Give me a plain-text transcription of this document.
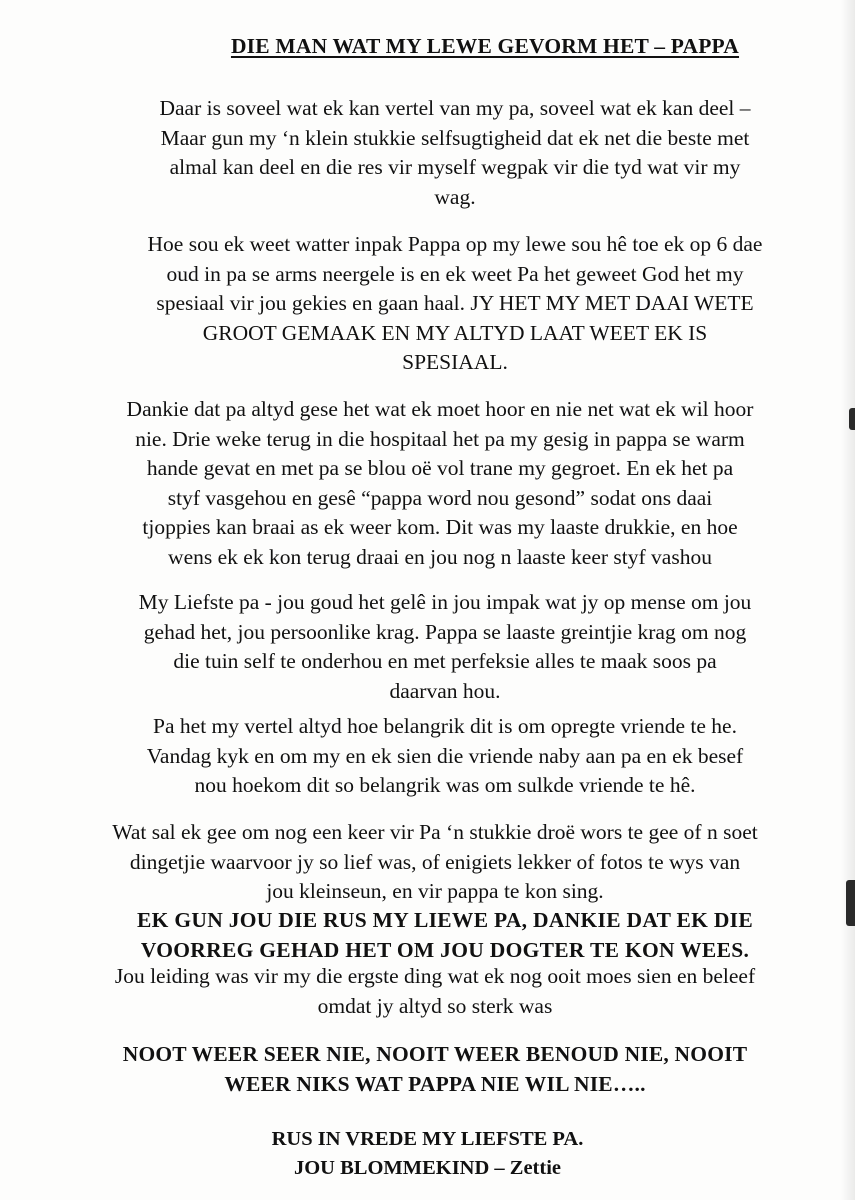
DIE MAN WAT MY LEWE GEVORM HET – PAPPA

Daar is soveel wat ek kan vertel van my pa, soveel wat ek kan deel –
Maar gun my ‘n klein stukkie selfsugtigheid dat ek net die beste met
almal kan deel en die res vir myself wegpak vir die tyd wat vir my
wag.

Hoe sou ek weet watter inpak Pappa op my lewe sou hê toe ek op 6 dae
oud in pa se arms neergele is en ek weet Pa het geweet God het my
spesiaal vir jou gekies en gaan haal. JY HET MY MET DAAI WETE
GROOT GEMAAK EN MY ALTYD LAAT WEET EK IS
SPESIAAL.

Dankie dat pa altyd gese het wat ek moet hoor en nie net wat ek wil hoor
nie. Drie weke terug in die hospitaal het pa my gesig in pappa se warm
hande gevat en met pa se blou oë vol trane my gegroet. En ek het pa
styf vasgehou en gesê “pappa word nou gesond” sodat ons daai
tjoppies kan braai as ek weer kom. Dit was my laaste drukkie, en hoe
wens ek ek kon terug draai en jou nog n laaste keer styf vashou

My Liefste pa - jou goud het gelê in jou impak wat jy op mense om jou
gehad het, jou persoonlike krag. Pappa se laaste greintjie krag om nog
die tuin self te onderhou en met perfeksie alles te maak soos pa
daarvan hou.

Pa het my vertel altyd hoe belangrik dit is om opregte vriende te he.
Vandag kyk en om my en ek sien die vriende naby aan pa en ek besef
nou hoekom dit so belangrik was om sulkde vriende te hê.

Wat sal ek gee om nog een keer vir Pa ‘n stukkie droë wors te gee of n soet
dingetjie waarvoor jy so lief was, of enigiets lekker of fotos te wys van
jou kleinseun, en vir pappa te kon sing.

EK GUN JOU DIE RUS MY LIEWE PA, DANKIE DAT EK DIE
VOORREG GEHAD HET OM JOU DOGTER TE KON WEES.

Jou leiding was vir my die ergste ding wat ek nog ooit moes sien en beleef
omdat jy altyd so sterk was

NOOT WEER SEER NIE, NOOIT WEER BENOUD NIE, NOOIT
WEER NIKS WAT PAPPA NIE WIL NIE…..

RUS IN VREDE MY LIEFSTE PA.
JOU BLOMMEKIND – Zettie
